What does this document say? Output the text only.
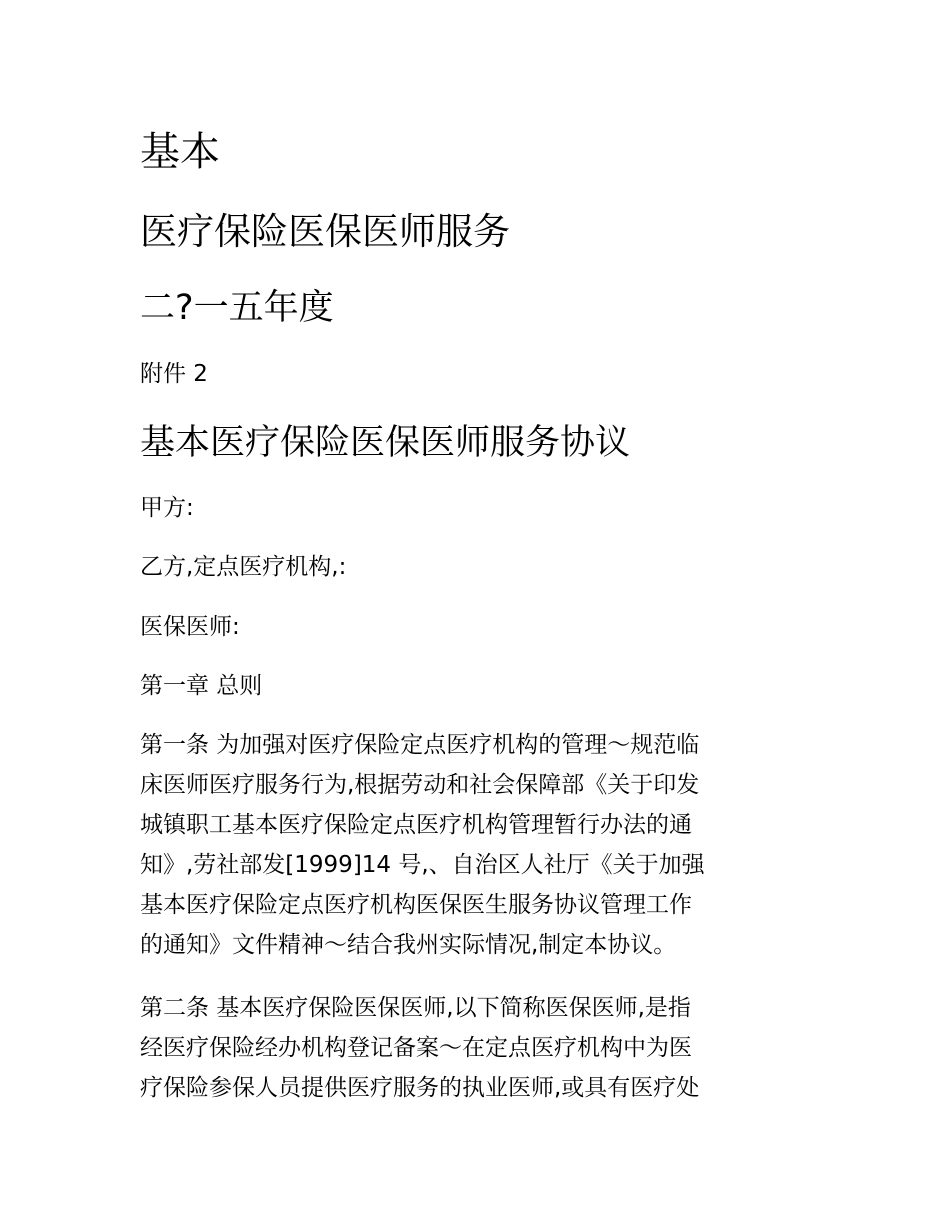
基本
医疗保险医保医师服务
二?一五年度

附件 2

基本医疗保险医保医师服务协议

甲方:

乙方,定点医疗机构,:

医保医师:

第一章 总则

第一条 为加强对医疗保险定点医疗机构的管理～规范临
床医师医疗服务行为,根据劳动和社会保障部《关于印发
城镇职工基本医疗保险定点医疗机构管理暂行办法的通
知》,劳社部发[1999]14 号,、自治区人社厅《关于加强
基本医疗保险定点医疗机构医保医生服务协议管理工作
的通知》文件精神～结合我州实际情况,制定本协议。
第二条 基本医疗保险医保医师,以下简称医保医师,是指
经医疗保险经办机构登记备案～在定点医疗机构中为医
疗保险参保人员提供医疗服务的执业医师,或具有医疗处
